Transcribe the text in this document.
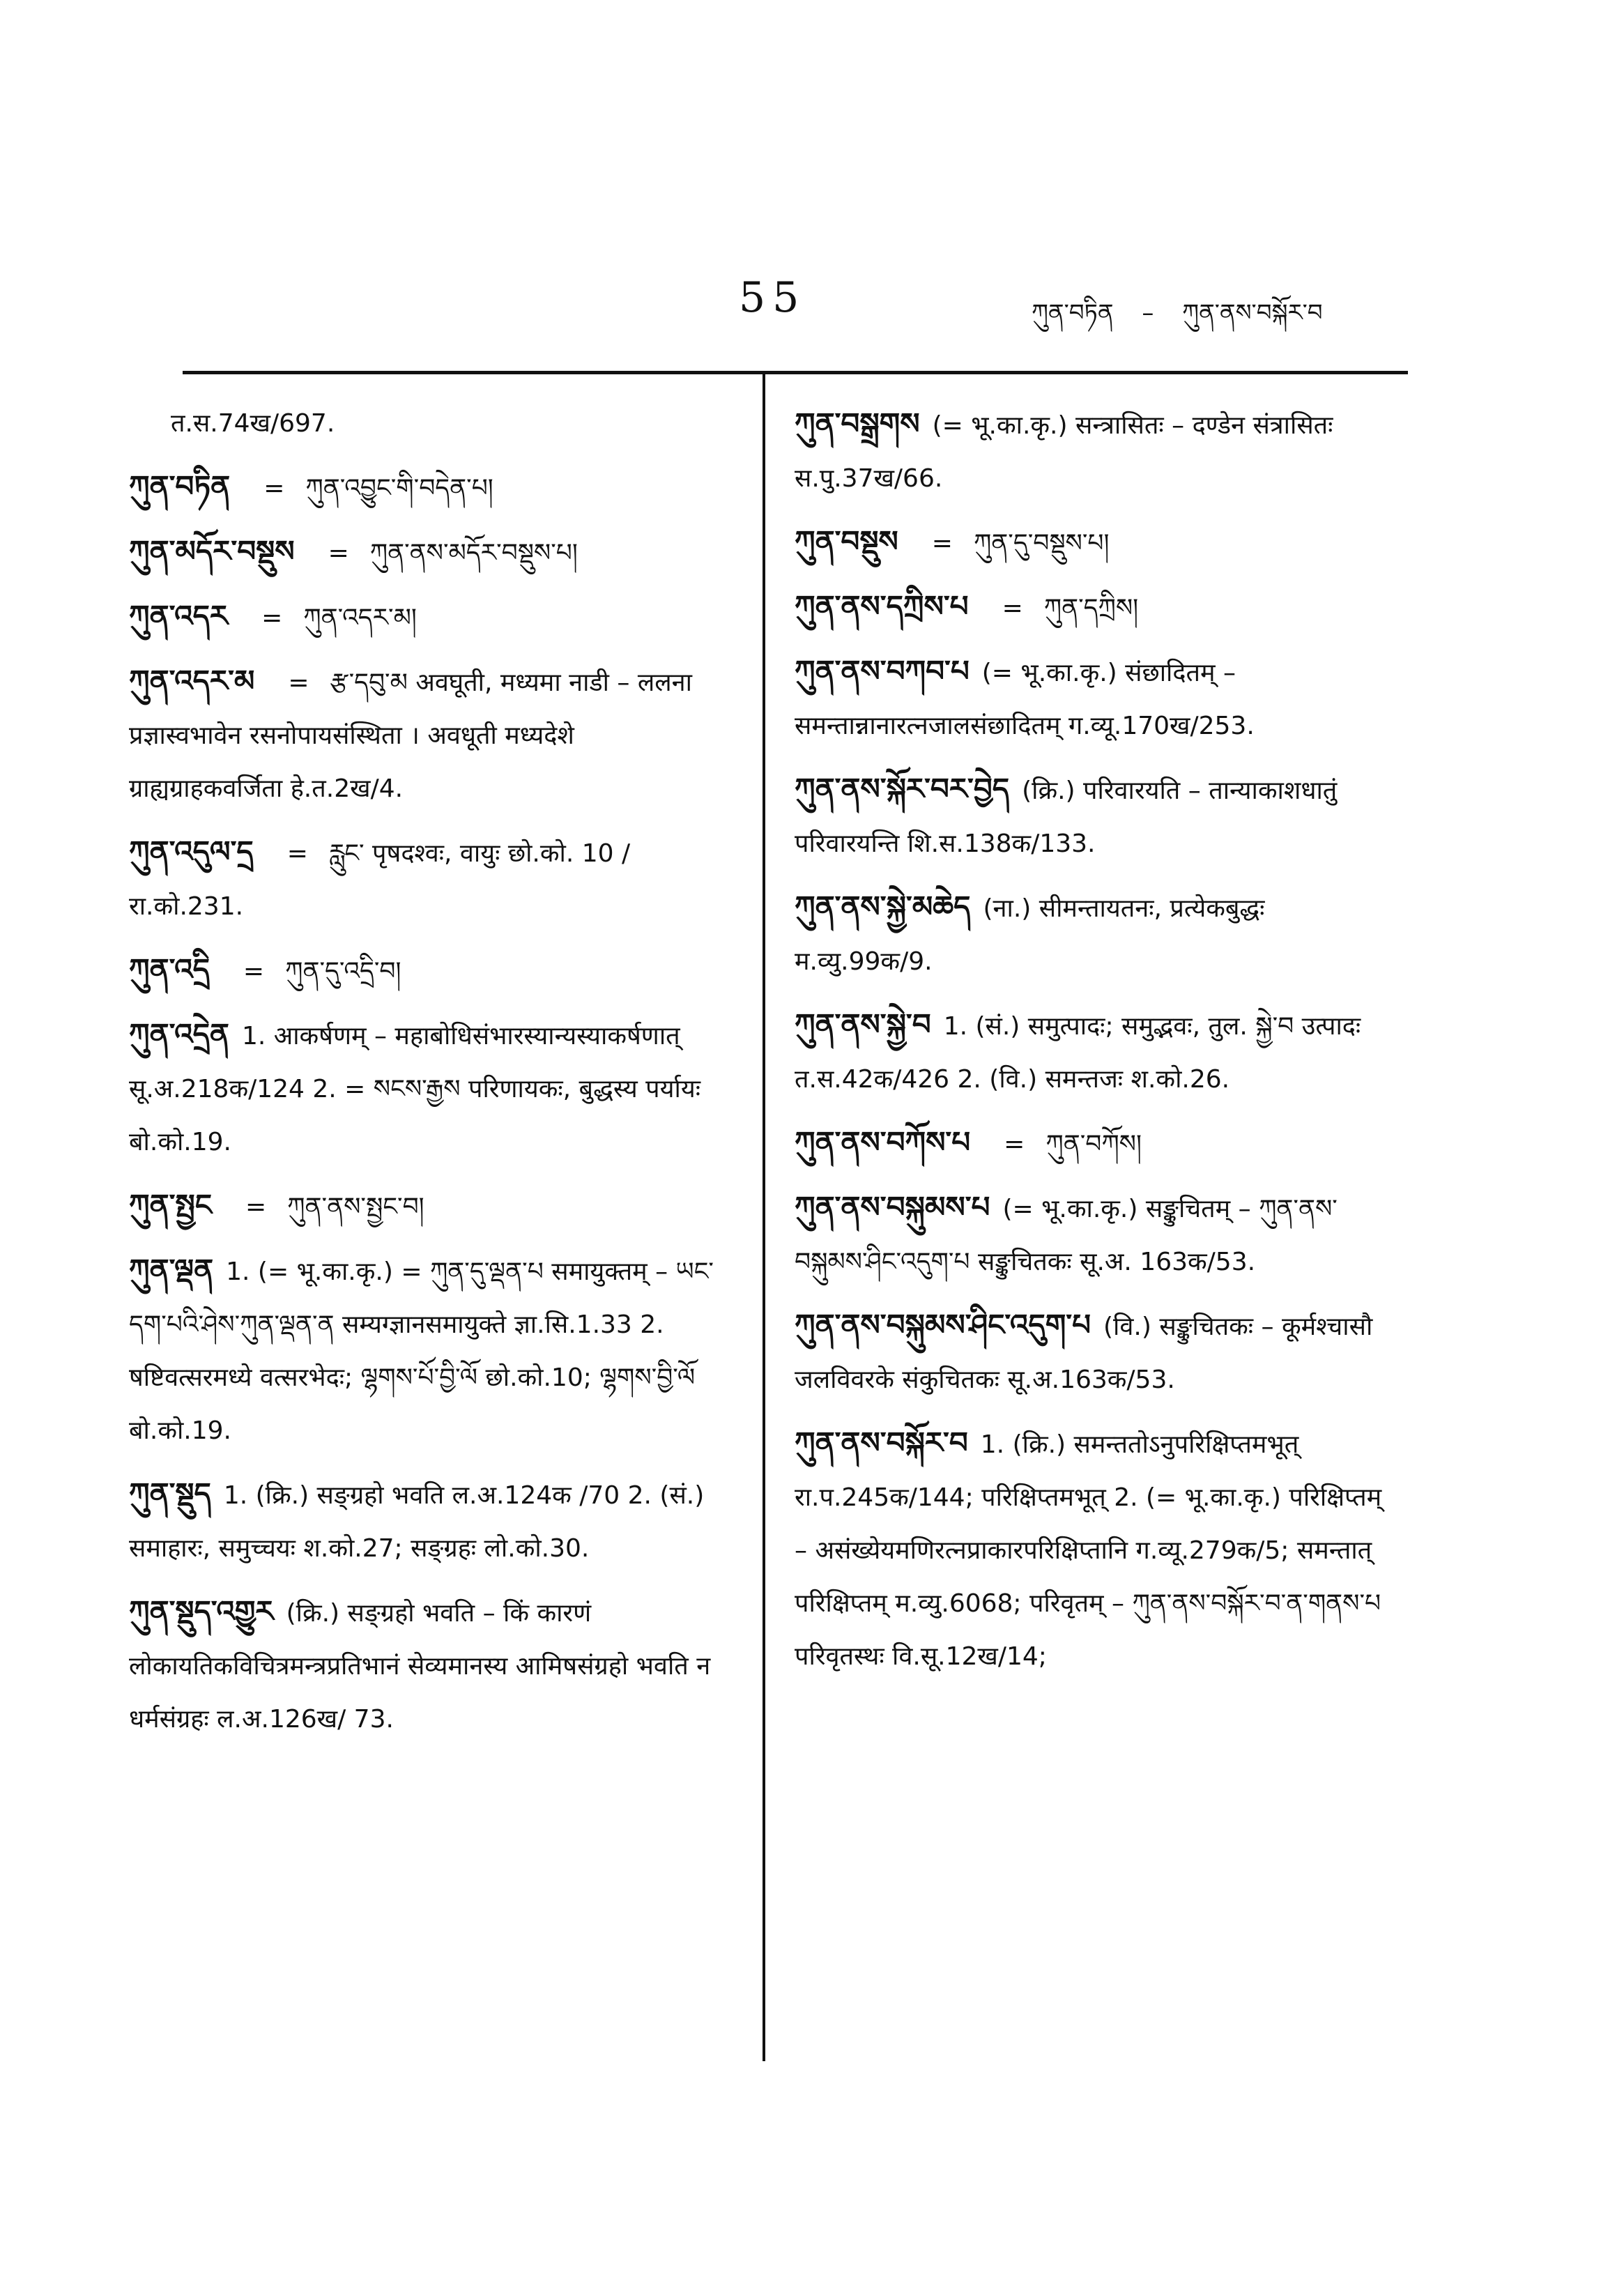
55	ཀུན་བཏིན – ཀུན་ནས་བསྐོར་བ
त.स.74ख/697.
ཀུན་བཏིན = ཀུན་འབྱུང་གི་བདེན་པ།
ཀུན་མདོར་བསྡུས = ཀུན་ནས་མདོར་བསྡུས་པ།
ཀུན་འདར = ཀུན་འདར་མ།
ཀུན་འདར་མ = རྩ་དབུ་མ अवघूती, मध्यमा नाडी – ललना प्रज्ञास्वभावेन रसनोपायसंस्थिता । अवधूती मध्यदेशे ग्राह्यग्राहकवर्जिता हे.त.2ख/4.
ཀུན་འདུལ་དྲ = རླུང་ पृषदश्वः, वायुः छो.को. 10 / रा.को.231.
ཀུན་འདྲི = ཀུན་དུ་འདྲི་བ།
ཀུན་འདྲེན 1. आकर्षणम् – महाबोधिसंभारस्यान्यस्याकर्षणात् सू.अ.218क/124 2. = སངས་རྒྱས परिणायकः, बुद्धस्य पर्यायः बो.को.19.
ཀུན་སྤྱང = ཀུན་ནས་སྤྱང་བ།
ཀུན་ལྡན 1. (= भू.का.कृ.) = ཀུན་དུ་ལྡན་པ समायुक्तम् – ཡང་དག་པའི་ཤེས་ཀུན་ལྡན་ན सम्यग्ज्ञानसमायुक्ते ज्ञा.सि.1.33 2. षष्टिवत्सरमध्ये वत्सरभेदः; ལྷགས་པོ་བྱི་ལོ छो.को.10; ལྷགས་བྱི་ལོ बो.को.19.
ཀུན་སྡུད 1. (क्रि.) सङ्ग्रहो भवति ल.अ.124क /70 2. (सं.) समाहारः, समुच्चयः श.को.27; सङ्ग्रहः लो.को.30.
ཀུན་སྡུད་འགྱུར (क्रि.) सङ्ग्रहो भवति – किं कारणं लोकायतिकविचित्रमन्त्रप्रतिभानं सेव्यमानस्य आमिषसंग्रहो भवति न धर्मसंग्रहः ल.अ.126ख/ 73.
ཀུན་བསྒྲགས (= भू.का.कृ.) सन्त्रासितः – दण्डेन संत्रासितः स.पु.37ख/66.
ཀུན་བསྡུས = ཀུན་དུ་བསྡུས་པ།
ཀུན་ནས་དཀྲིས་པ = ཀུན་དཀྲིས།
ཀུན་ནས་བཀབ་པ (= भू.का.कृ.) संछादितम् – समन्तान्नानारत्नजालसंछादितम् ग.व्यू.170ख/253.
ཀུན་ནས་སྐོར་བར་བྱེད (क्रि.) परिवारयति – तान्याकाशधातुं परिवारयन्ति शि.स.138क/133.
ཀུན་ནས་སྐྱེ་མཆེད (ना.) सीमन्तायतनः, प्रत्येकबुद्धः म.व्यु.99क/9.
ཀུན་ནས་སྐྱེ་བ 1. (सं.) समुत्पादः; समुद्भवः, तुल. སྐྱེ་བ उत्पादः त.स.42क/426 2. (वि.) समन्तजः श.को.26.
ཀུན་ནས་བཀོས་པ = ཀུན་བཀོས།
ཀུན་ནས་བསྐུམས་པ (= भू.का.कृ.) सङ्कुचितम् – ཀུན་ནས་བསྐུམས་ཤིང་འདུག་པ सङ्कुचितकः सू.अ. 163क/53.
ཀུན་ནས་བསྐུམས་ཤིང་འདུག་པ (वि.) सङ्कुचितकः – कूर्मश्चासौ जलविवरके संकुचितकः सू.अ.163क/53.
ཀུན་ནས་བསྐོར་བ 1. (क्रि.) समन्ततोऽनुपरिक्षिप्तमभूत् रा.प.245क/144; परिक्षिप्तमभूत् 2. (= भू.का.कृ.) परिक्षिप्तम् – असंख्येयमणिरत्नप्राकारपरिक्षिप्तानि ग.व्यू.279क/5; समन्तात् परिक्षिप्तम् म.व्यु.6068; परिवृतम् – ཀུན་ནས་བསྐོར་བ་ན་གནས་པ परिवृतस्थः वि.सू.12ख/14;
